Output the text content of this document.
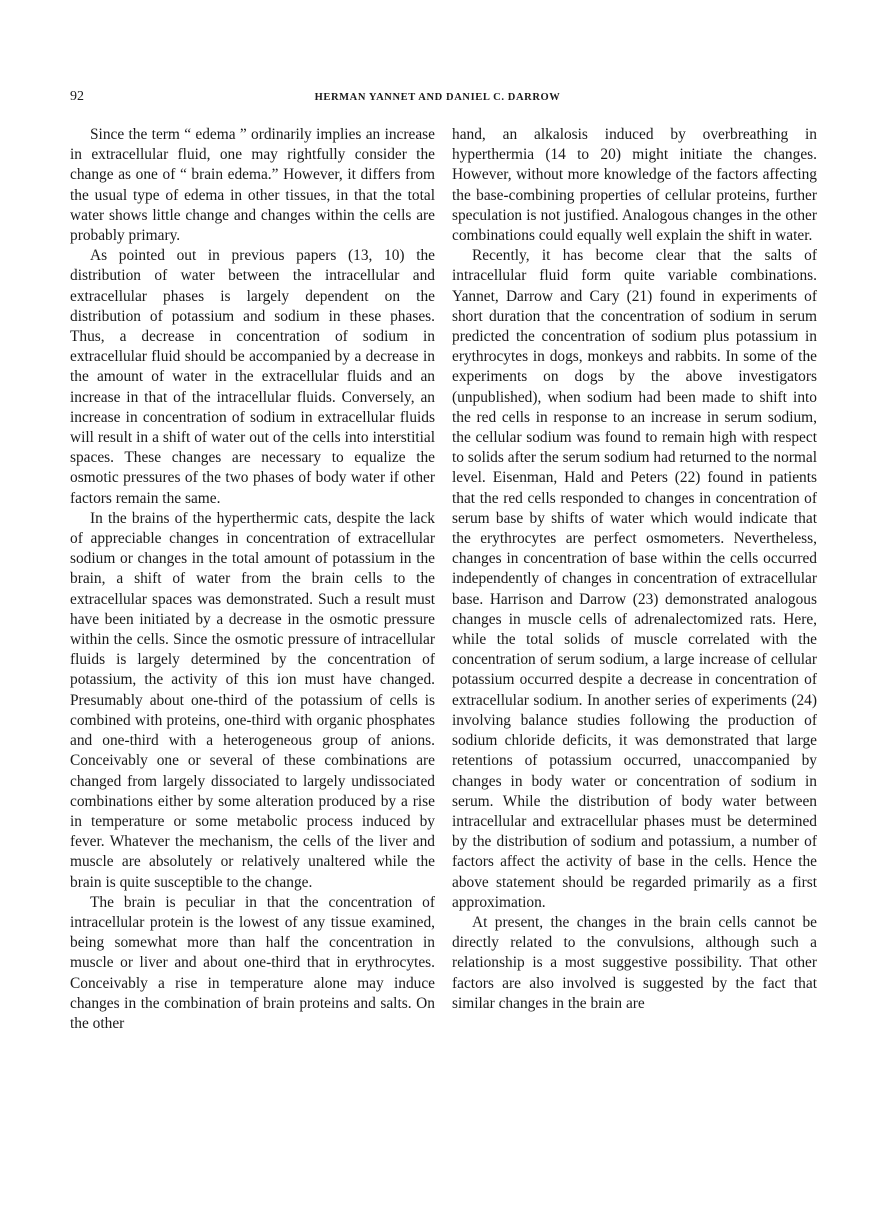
92	HERMAN YANNET AND DANIEL C. DARROW

Since the term “ edema ” ordinarily implies an increase in extracellular fluid, one may rightfully consider the change as one of “ brain edema.” However, it differs from the usual type of edema in other tissues, in that the total water shows little change and changes within the cells are probably primary.

As pointed out in previous papers (13, 10) the distribution of water between the intracellular and extracellular phases is largely dependent on the distribution of potassium and sodium in these phases. Thus, a decrease in concentration of sodium in extracellular fluid should be accompanied by a decrease in the amount of water in the extracellular fluids and an increase in that of the intracellular fluids. Conversely, an increase in concentration of sodium in extracellular fluids will result in a shift of water out of the cells into interstitial spaces. These changes are necessary to equalize the osmotic pressures of the two phases of body water if other factors remain the same.

In the brains of the hyperthermic cats, despite the lack of appreciable changes in concentration of extracellular sodium or changes in the total amount of potassium in the brain, a shift of water from the brain cells to the extracellular spaces was demonstrated. Such a result must have been initiated by a decrease in the osmotic pressure within the cells. Since the osmotic pressure of intracellular fluids is largely determined by the concentration of potassium, the activity of this ion must have changed. Presumably about one-third of the potassium of cells is combined with proteins, one-third with organic phosphates and one-third with a heterogeneous group of anions. Conceivably one or several of these combinations are changed from largely dissociated to largely undissociated combinations either by some alteration produced by a rise in temperature or some metabolic process induced by fever. Whatever the mechanism, the cells of the liver and muscle are absolutely or relatively unaltered while the brain is quite susceptible to the change.

The brain is peculiar in that the concentration of intracellular protein is the lowest of any tissue examined, being somewhat more than half the concentration in muscle or liver and about one-third that in erythrocytes. Conceivably a rise in temperature alone may induce changes in the combination of brain proteins and salts. On the other

hand, an alkalosis induced by overbreathing in hyperthermia (14 to 20) might initiate the changes. However, without more knowledge of the factors affecting the base-combining properties of cellular proteins, further speculation is not justified. Analogous changes in the other combinations could equally well explain the shift in water.

Recently, it has become clear that the salts of intracellular fluid form quite variable combinations. Yannet, Darrow and Cary (21) found in experiments of short duration that the concentration of sodium in serum predicted the concentration of sodium plus potassium in erythrocytes in dogs, monkeys and rabbits. In some of the experiments on dogs by the above investigators (unpublished), when sodium had been made to shift into the red cells in response to an increase in serum sodium, the cellular sodium was found to remain high with respect to solids after the serum sodium had returned to the normal level. Eisenman, Hald and Peters (22) found in patients that the red cells responded to changes in concentration of serum base by shifts of water which would indicate that the erythrocytes are perfect osmometers. Nevertheless, changes in concentration of base within the cells occurred independently of changes in concentration of extracellular base. Harrison and Darrow (23) demonstrated analogous changes in muscle cells of adrenalectomized rats. Here, while the total solids of muscle correlated with the concentration of serum sodium, a large increase of cellular potassium occurred despite a decrease in concentration of extracellular sodium. In another series of experiments (24) involving balance studies following the production of sodium chloride deficits, it was demonstrated that large retentions of potassium occurred, unaccompanied by changes in body water or concentration of sodium in serum. While the distribution of body water between intracellular and extracellular phases must be determined by the distribution of sodium and potassium, a number of factors affect the activity of base in the cells. Hence the above statement should be regarded primarily as a first approximation.

At present, the changes in the brain cells cannot be directly related to the convulsions, although such a relationship is a most suggestive possibility. That other factors are also involved is suggested by the fact that similar changes in the brain are
